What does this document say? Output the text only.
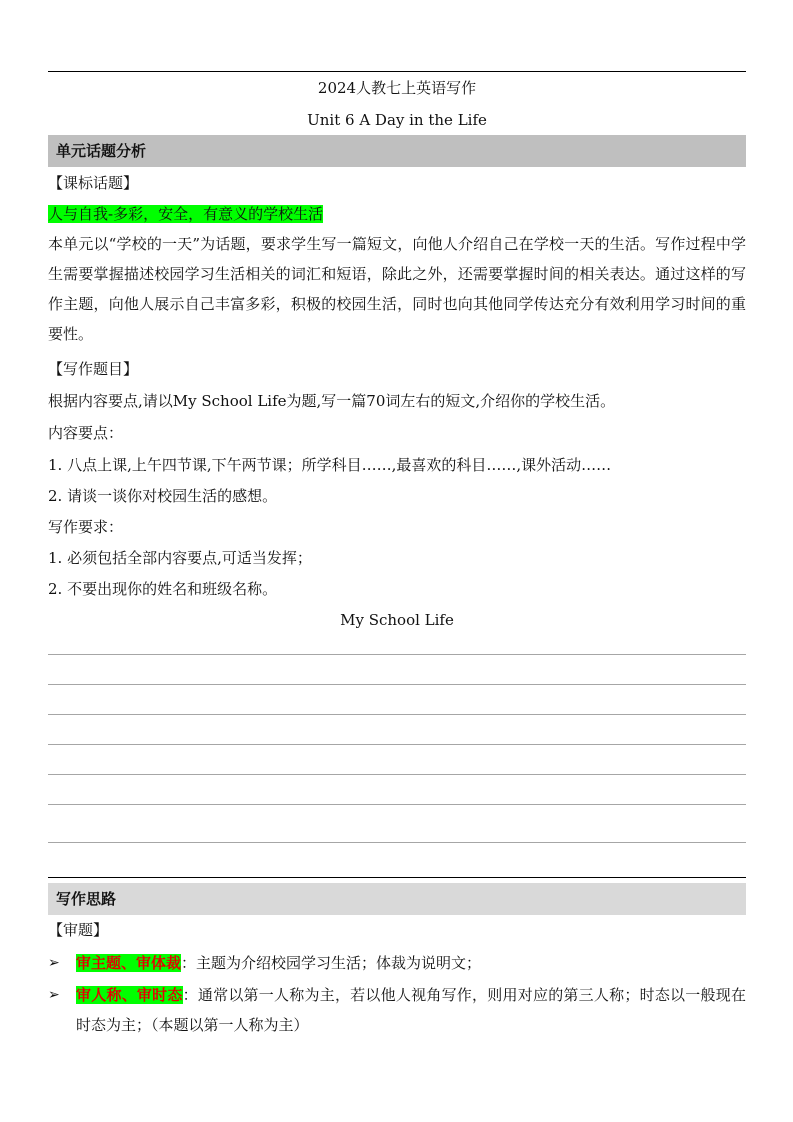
2024人教七上英语写作
Unit 6 A Day in the Life
单元话题分析
【课标话题】
人与自我-多彩，安全，有意义的学校生活
本单元以“学校的一天”为话题，要求学生写一篇短文，向他人介绍自己在学校一天的生活。写作过程中学生需要掌握描述校园学习生活相关的词汇和短语，除此之外，还需要掌握时间的相关表达。通过这样的写作主题，向他人展示自己丰富多彩，积极的校园生活，同时也向其他同学传达充分有效利用学习时间的重要性。
【写作题目】
根据内容要点,请以My School Life为题,写一篇70词左右的短文,介绍你的学校生活。
内容要点：
1. 八点上课,上午四节课,下午两节课；所学科目……,最喜欢的科目……,课外活动……
2. 请谈一谈你对校园生活的感想。
写作要求：
1. 必须包括全部内容要点,可适当发挥；
2. 不要出现你的姓名和班级名称。
My School Life
写作思路
【审题】
➢ 审主题、审体裁：主题为介绍校园学习生活；体裁为说明文；
➢ 审人称、审时态：通常以第一人称为主，若以他人视角写作，则用对应的第三人称；时态以一般现在时态为主；（本题以第一人称为主）
